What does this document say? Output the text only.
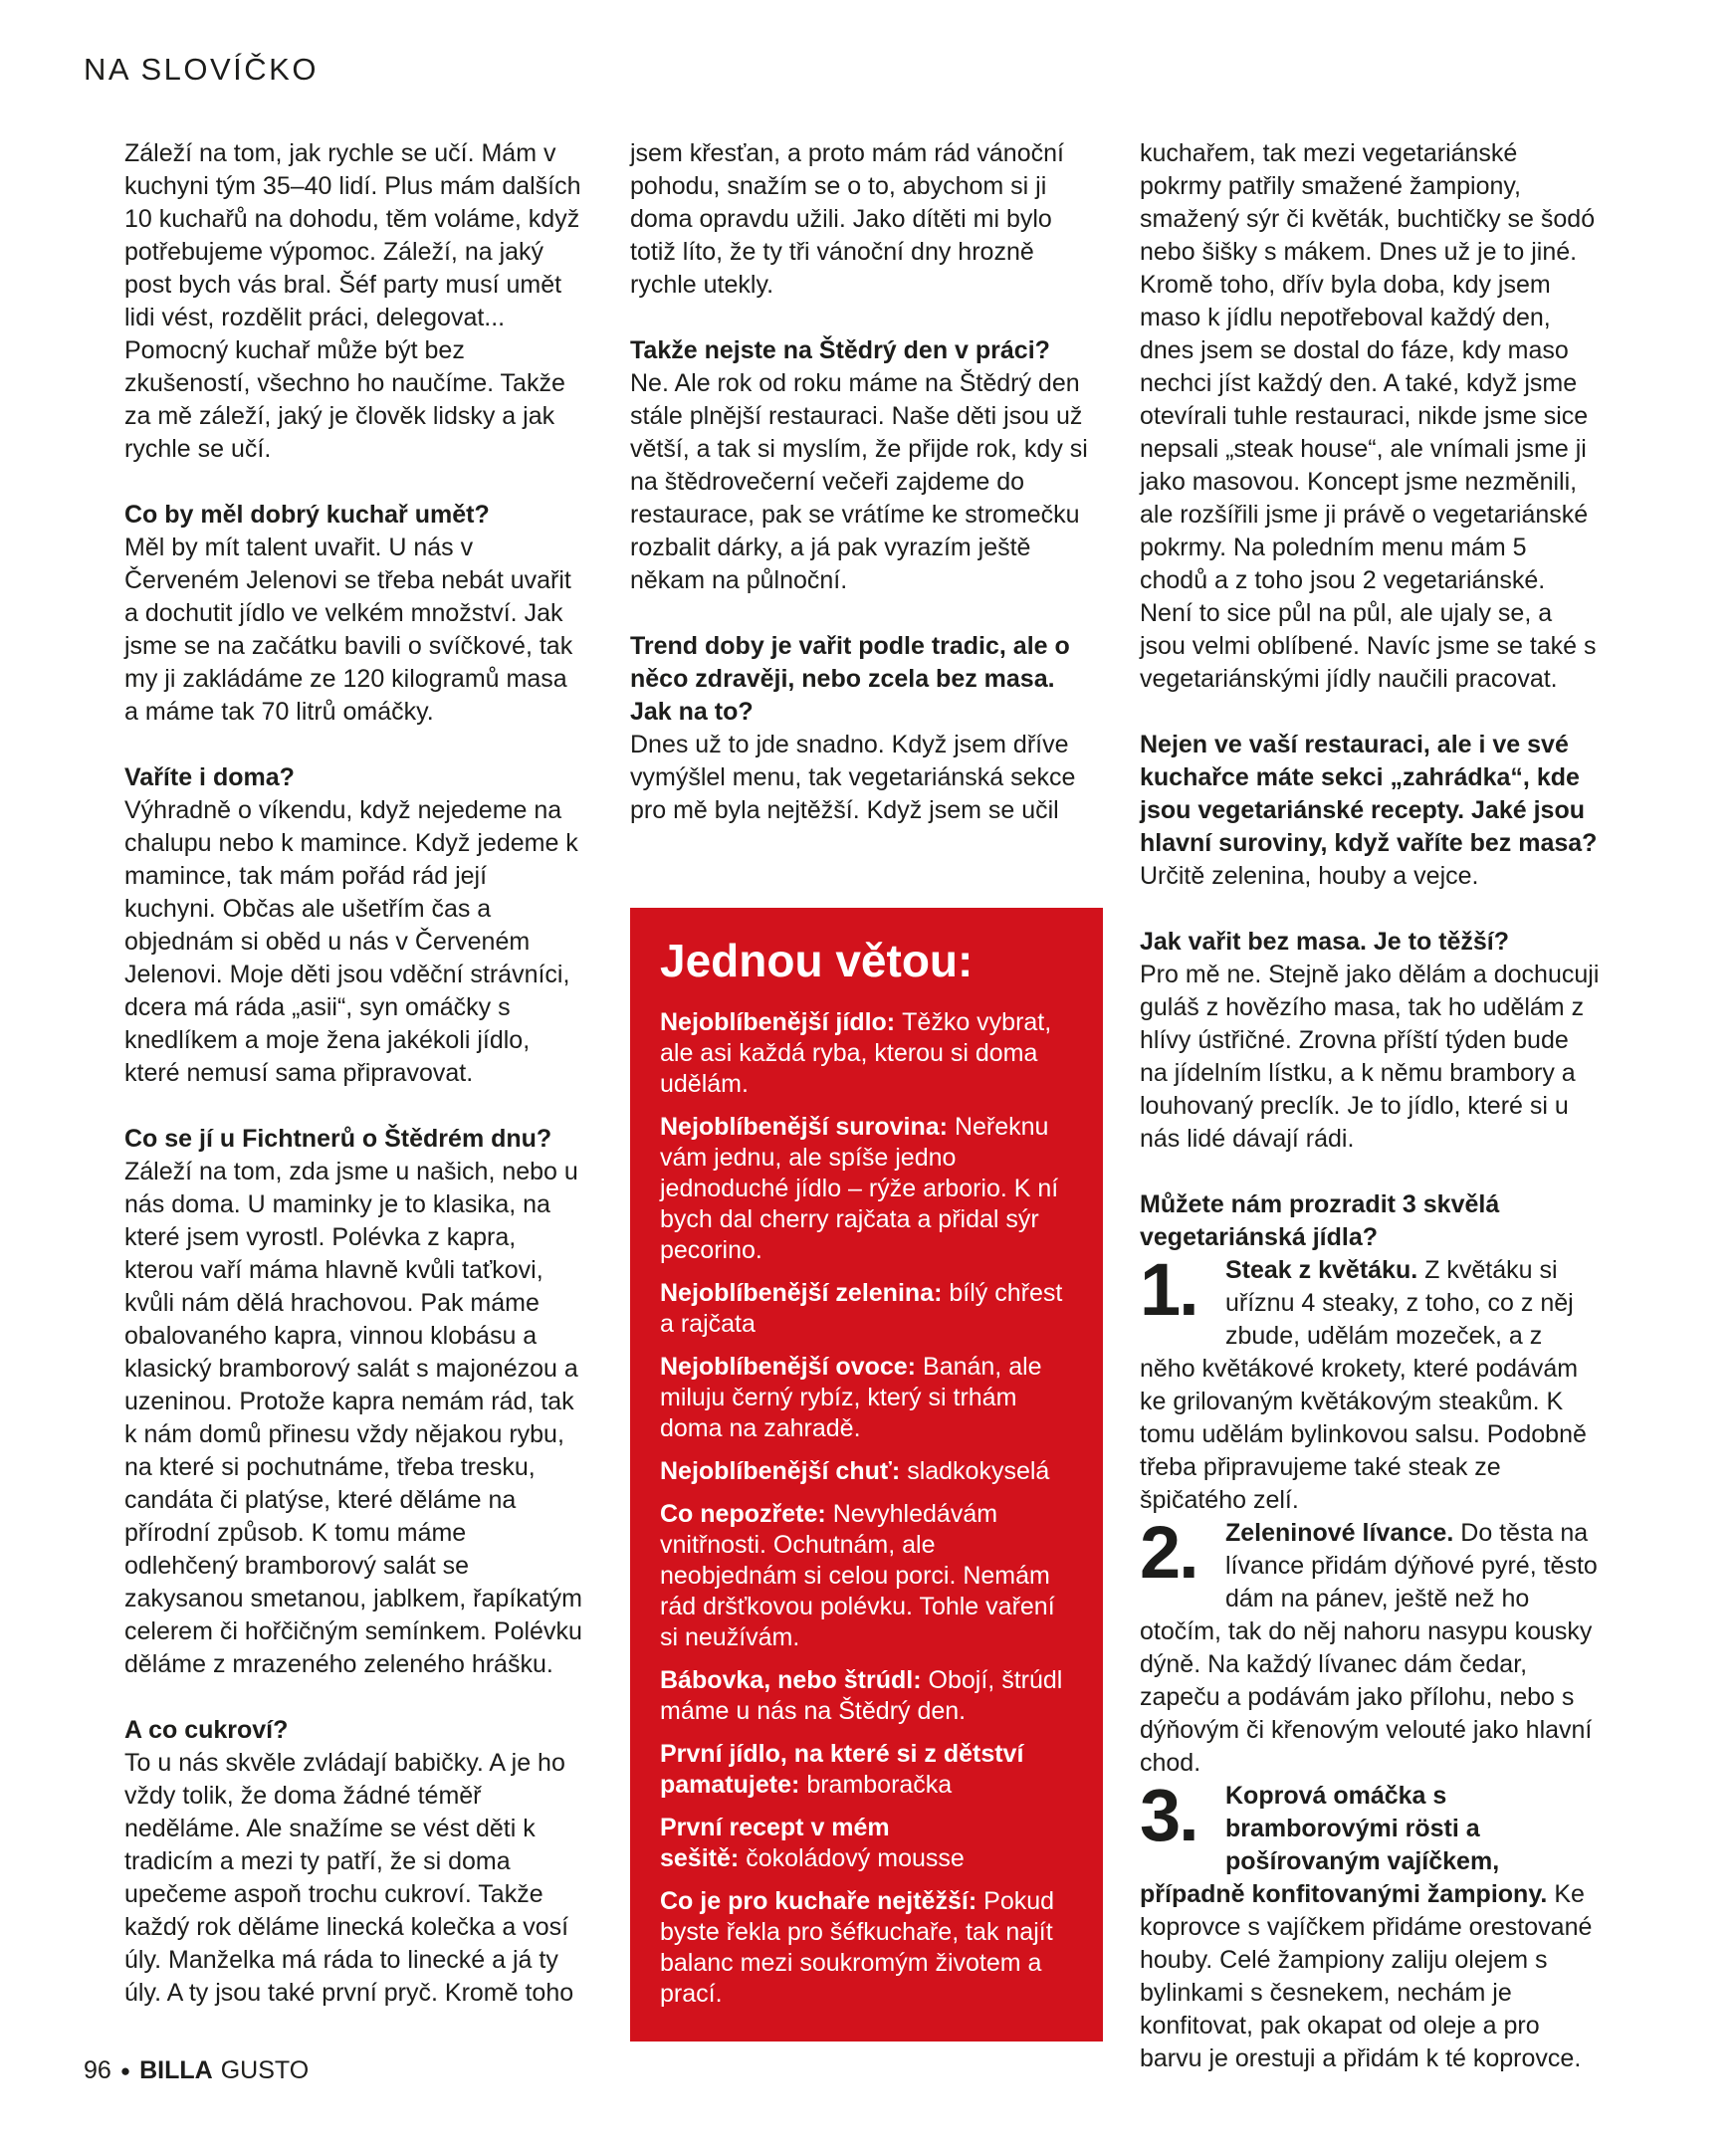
NA SLOVÍČKO

Záleží na tom, jak rychle se učí. Mám v kuchyni tým 35–40 lidí. Plus mám dalších 10 kuchařů na dohodu, těm voláme, když potřebujeme výpomoc. Záleží, na jaký post bych vás bral. Šéf party musí umět lidi vést, rozdělit práci, delegovat... Pomocný kuchař může být bez zkušeností, všechno ho naučíme. Takže za mě záleží, jaký je člověk lidsky a jak rychle se učí.

Co by měl dobrý kuchař umět?

Měl by mít talent uvařit. U nás v Červeném Jelenovi se třeba nebát uvařit a dochutit jídlo ve velkém množství. Jak jsme se na začátku bavili o svíčkové, tak my ji zakládáme ze 120 kilogramů masa a máme tak 70 litrů omáčky.

Vaříte i doma?

Výhradně o víkendu, když nejedeme na chalupu nebo k mamince. Když jedeme k mamince, tak mám pořád rád její kuchyni. Občas ale ušetřím čas a objednám si oběd u nás v Červeném Jelenovi. Moje děti jsou vděční strávníci, dcera má ráda „asii“, syn omáčky s knedlíkem a moje žena jakékoli jídlo, které nemusí sama připravovat.

Co se jí u Fichtnerů o Štědrém dnu?

Záleží na tom, zda jsme u našich, nebo u nás doma. U maminky je to klasika, na které jsem vyrostl. Polévka z kapra, kterou vaří máma hlavně kvůli taťkovi, kvůli nám dělá hrachovou. Pak máme obalovaného kapra, vinnou klobásu a klasický bramborový salát s majonézou a uzeninou. Protože kapra nemám rád, tak k nám domů přinesu vždy nějakou rybu, na které si pochutnáme, třeba tresku, candáta či platýse, které děláme na přírodní způsob. K tomu máme odlehčený bramborový salát se zakysanou smetanou, jablkem, řapíkatým celerem či hořčičným semínkem. Polévku děláme z mrazeného zeleného hrášku.

A co cukroví?

To u nás skvěle zvládají babičky. A je ho vždy tolik, že doma žádné téměř neděláme. Ale snažíme se vést děti k tradicím a mezi ty patří, že si doma upečeme aspoň trochu cukroví. Takže každý rok děláme linecká kolečka a vosí úly. Manželka má ráda to linecké a já ty úly. A ty jsou také první pryč. Kromě toho

jsem křesťan, a proto mám rád vánoční pohodu, snažím se o to, abychom si ji doma opravdu užili. Jako dítěti mi bylo totiž líto, že ty tři vánoční dny hrozně rychle utekly.

Takže nejste na Štědrý den v práci?

Ne. Ale rok od roku máme na Štědrý den stále plnější restauraci. Naše děti jsou už větší, a tak si myslím, že přijde rok, kdy si na štědrovečerní večeři zajdeme do restaurace, pak se vrátíme ke stromečku rozbalit dárky, a já pak vyrazím ještě někam na půlnoční.

Trend doby je vařit podle tradic, ale o něco zdravěji, nebo zcela bez masa. Jak na to?

Dnes už to jde snadno. Když jsem dříve vymýšlel menu, tak vegetariánská sekce pro mě byla nejtěžší. Když jsem se učil

Jednou větou:

Nejoblíbenější jídlo: Těžko vybrat, ale asi každá ryba, kterou si doma udělám.

Nejoblíbenější surovina: Neřeknu vám jednu, ale spíše jedno jednoduché jídlo – rýže arborio. K ní bych dal cherry rajčata a přidal sýr pecorino.

Nejoblíbenější zelenina: bílý chřest a rajčata

Nejoblíbenější ovoce: Banán, ale miluju černý rybíz, který si trhám doma na zahradě.

Nejoblíbenější chuť: sladkokyselá

Co nepozřete: Nevyhledávám vnitřnosti. Ochutnám, ale neobjednám si celou porci. Nemám rád dršťkovou polévku. Tohle vaření si neužívám.

Bábovka, nebo štrúdl: Obojí, štrúdl máme u nás na Štědrý den.

První jídlo, na které si z dětství pamatujete: bramboračka

První recept v mém sešitě: čokoládový mousse

Co je pro kuchaře nejtěžší: Pokud byste řekla pro šéfkuchaře, tak najít balanc mezi soukromým životem a prací.

kuchařem, tak mezi vegetariánské pokrmy patřily smažené žampiony, smažený sýr či květák, buchtičky se šodó nebo šišky s mákem. Dnes už je to jiné. Kromě toho, dřív byla doba, kdy jsem maso k jídlu nepotřeboval každý den, dnes jsem se dostal do fáze, kdy maso nechci jíst každý den. A také, když jsme otevírali tuhle restauraci, nikde jsme sice nepsali „steak house“, ale vnímali jsme ji jako masovou. Koncept jsme nezměnili, ale rozšířili jsme ji právě o vegetariánské pokrmy. Na poledním menu mám 5 chodů a z toho jsou 2 vegetariánské. Není to sice půl na půl, ale ujaly se, a jsou velmi oblíbené. Navíc jsme se také s vegetariánskými jídly naučili pracovat.

Nejen ve vaší restauraci, ale i ve své kuchařce máte sekci „zahrádka“, kde jsou vegetariánské recepty. Jaké jsou hlavní suroviny, když vaříte bez masa?

Určitě zelenina, houby a vejce.

Jak vařit bez masa. Je to těžší?

Pro mě ne. Stejně jako dělám a dochucuji guláš z hovězího masa, tak ho udělám z hlívy ústřičné. Zrovna příští týden bude na jídelním lístku, a k němu brambory a louhovaný preclík. Je to jídlo, které si u nás lidé dávají rádi.

Můžete nám prozradit 3 skvělá vegetariánská jídla?

1.	Steak z květáku. Z květáku si uříznu 4 steaky, z toho, co z něj zbude, udělám mozeček, a z něho květákové krokety, které podávám ke grilovaným květákovým steakům. K tomu udělám bylinkovou salsu. Podobně třeba připravujeme také steak ze špičatého zelí.
2.	Zeleninové lívance. Do těsta na lívance přidám dýňové pyré, těsto dám na pánev, ještě než ho otočím, tak do něj nahoru nasypu kousky dýně. Na každý lívanec dám čedar, zapeču a podávám jako přílohu, nebo s dýňovým či křenovým velouté jako hlavní chod.
3.	Koprová omáčka s bramborovými rösti a pošírovaným vajíčkem, případně konfitovanými žampiony. Ke koprovce s vajíčkem přidáme orestované houby. Celé žampiony zaliju olejem s bylinkami s česnekem, nechám je konfitovat, pak okapat od oleje a pro barvu je orestuji a přidám k té koprovce.
96 ● BILLA GUSTO
